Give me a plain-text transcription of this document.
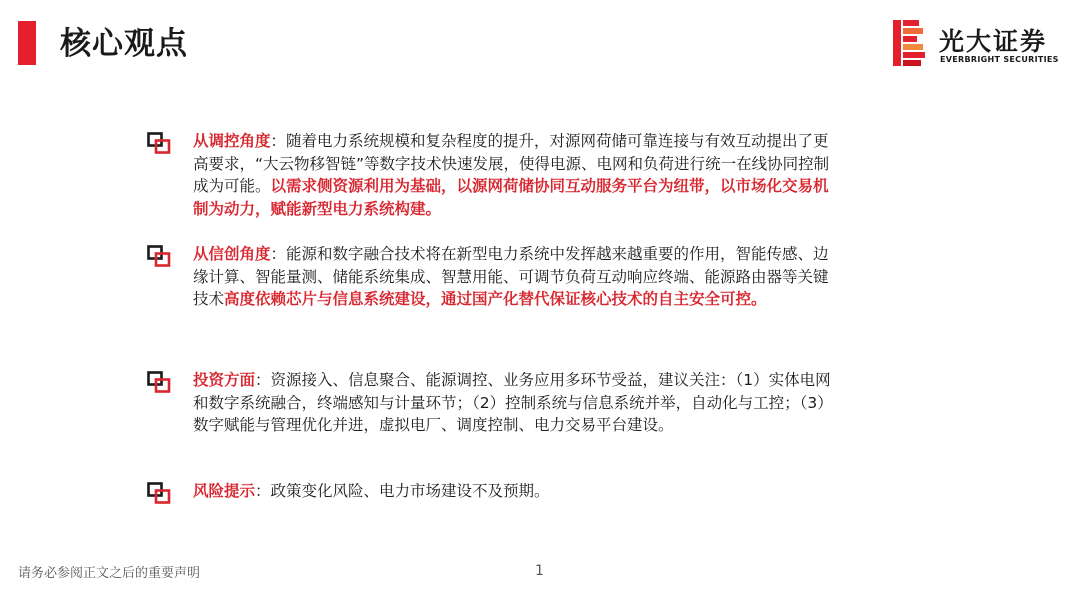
核心观点	光大证券
EVERBRIGHT SECURITIES
从调控角度：随着电力系统规模和复杂程度的提升，对源网荷储可靠连接与有效互动提出了更高要求，“大云物移智链”等数字技术快速发展，使得电源、电网和负荷进行统一在线协同控制成为可能。以需求侧资源利用为基础，以源网荷储协同互动服务平台为纽带，以市场化交易机制为动力，赋能新型电力系统构建。
从信创角度：能源和数字融合技术将在新型电力系统中发挥越来越重要的作用，智能传感、边缘计算、智能量测、储能系统集成、智慧用能、可调节负荷互动响应终端、能源路由器等关键技术高度依赖芯片与信息系统建设，通过国产化替代保证核心技术的自主安全可控。
投资方面：资源接入、信息聚合、能源调控、业务应用多环节受益，建议关注：（1）实体电网和数字系统融合，终端感知与计量环节；（2）控制系统与信息系统并举，自动化与工控；（3）数字赋能与管理优化并进，虚拟电厂、调度控制、电力交易平台建设。
风险提示：政策变化风险、电力市场建设不及预期。
请务必参阅正文之后的重要声明	1
